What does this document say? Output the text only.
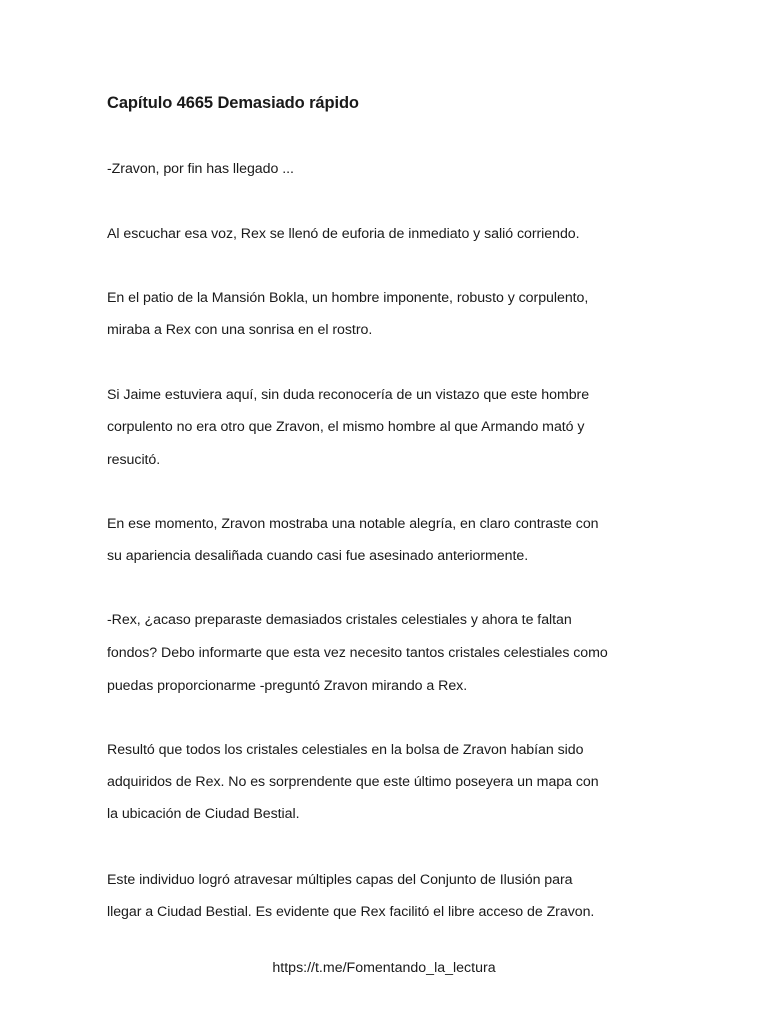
Capítulo 4665 Demasiado rápido

-Zravon, por fin has llegado ...

Al escuchar esa voz, Rex se llenó de euforia de inmediato y salió corriendo.

En el patio de la Mansión Bokla, un hombre imponente, robusto y corpulento,

miraba a Rex con una sonrisa en el rostro.

Si Jaime estuviera aquí, sin duda reconocería de un vistazo que este hombre

corpulento no era otro que Zravon, el mismo hombre al que Armando mató y

resucitó.

En ese momento, Zravon mostraba una notable alegría, en claro contraste con

su apariencia desaliñada cuando casi fue asesinado anteriormente.

-Rex, ¿acaso preparaste demasiados cristales celestiales y ahora te faltan

fondos? Debo informarte que esta vez necesito tantos cristales celestiales como

puedas proporcionarme -preguntó Zravon mirando a Rex.

Resultó que todos los cristales celestiales en la bolsa de Zravon habían sido

adquiridos de Rex. No es sorprendente que este último poseyera un mapa con

la ubicación de Ciudad Bestial.

Este individuo logró atravesar múltiples capas del Conjunto de Ilusión para

llegar a Ciudad Bestial. Es evidente que Rex facilitó el libre acceso de Zravon.

https://t.me/Fomentando_la_lectura
